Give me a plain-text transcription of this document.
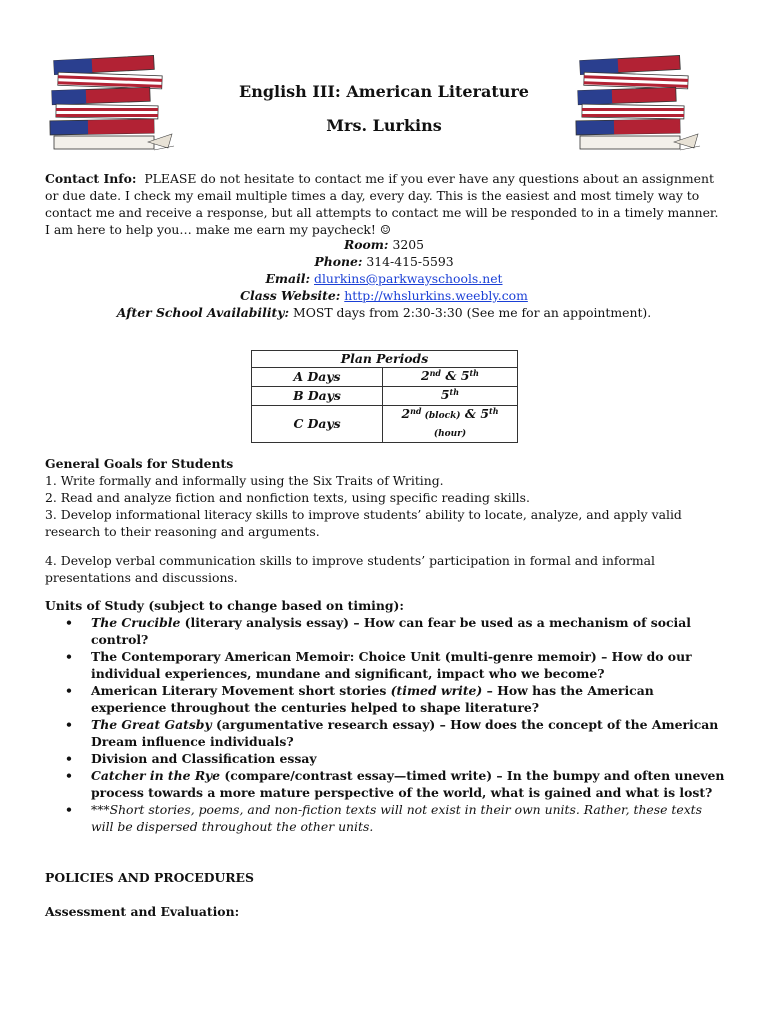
English III: American Literature
Mrs. Lurkins
Contact Info: PLEASE do not hesitate to contact me if you ever have any questions about an assignment or due date. I check my email multiple times a day, every day. This is the easiest and most timely way to contact me and receive a response, but all attempts to contact me will be responded to in a timely manner. I am here to help you… make me earn my paycheck! ☺
Room: 3205
Phone: 314-415-5593
Email: dlurkins@parkwayschools.net
Class Website: http://whslurkins.weebly.com
After School Availability: MOST days from 2:30-3:30 (See me for an appointment).
Plan Periods	
A Days	2nd & 5th
B Days	5th
C Days	2nd (block) & 5th (hour)
General Goals for Students

1. Write formally and informally using the Six Traits of Writing.

2. Read and analyze fiction and nonfiction texts, using specific reading skills.

3. Develop informational literacy skills to improve students’ ability to locate, analyze, and apply valid research to their reasoning and arguments.

4. Develop verbal communication skills to improve students’ participation in formal and informal presentations and discussions.

Units of Study (subject to change based on timing):
• The Crucible (literary analysis essay) – How can fear be used as a mechanism of social control?
• The Contemporary American Memoir: Choice Unit (multi-genre memoir) – How do our individual experiences, mundane and significant, impact who we become?
• American Literary Movement short stories (timed write) – How has the American experience throughout the centuries helped to shape literature?
• The Great Gatsby (argumentative research essay) – How does the concept of the American Dream influence individuals?
• Division and Classification essay
• Catcher in the Rye (compare/contrast essay—timed write) – In the bumpy and often uneven process towards a more mature perspective of the world, what is gained and what is lost?
• ***Short stories, poems, and non-fiction texts will not exist in their own units. Rather, these texts will be dispersed throughout the other units.
POLICIES AND PROCEDURES
Assessment and Evaluation:
